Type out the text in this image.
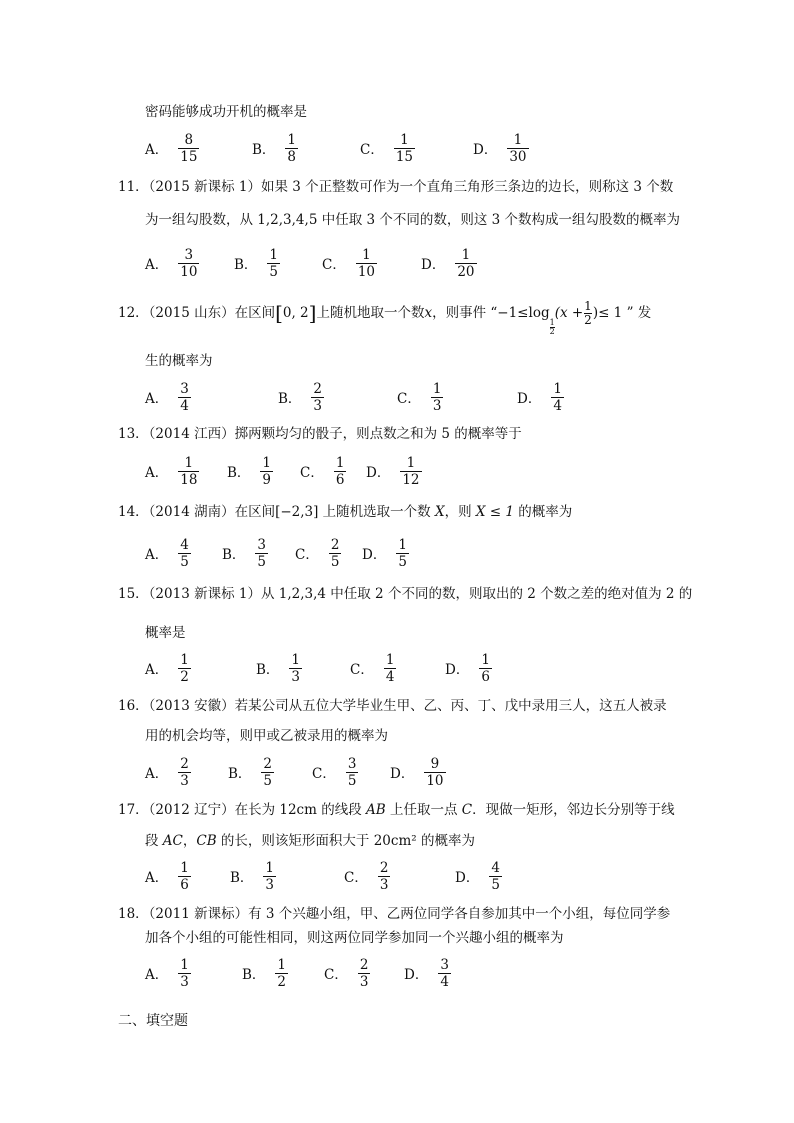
密码能够成功开机的概率是
A． $\frac{8}{15}$	B． $\frac{1}{8}$	C． $\frac{1}{15}$	D． $\frac{1}{30}$
11．（2015 新课标 1）如果 3 个正整数可作为一个直角三角形三条边的边长，则称这 3 个数
为一组勾股数，从 1,2,3,4,5 中任取 3 个不同的数，则这 3 个数构成一组勾股数的概率为
A． $\frac{3}{10}$	B． $\frac{1}{5}$	C． $\frac{1}{10}$	D． $\frac{1}{20}$
12．（2015 山东）在区间[0, 2]上随机地取一个数x，则事件 “−1≤log
$\frac{1}{2}$
($x + \frac{1}{2}$ )≤ 1 ” 发
生的概率为
A． $\frac{3}{4}$	B． $\frac{2}{3}$	C． $\frac{1}{3}$	D． $\frac{1}{4}$
13．（2014 江西）掷两颗均匀的骰子，则点数之和为 5 的概率等于
A． $\frac{1}{18}$ B． $\frac{1}{9}$ C． $\frac{1}{6}$ D． $\frac{1}{12}$
14．（2014 湖南）在区间[−2,3] 上随机选取一个数 X，则 X ≤ 1 的概率为
A． $\frac{4}{5}$ B． $\frac{3}{5}$ C． $\frac{2}{5}$ D． $\frac{1}{5}$
15．（2013 新课标 1）从 1,2,3,4 中任取 2 个不同的数，则取出的 2 个数之差的绝对值为 2 的
概率是
A． $\frac{1}{2}$	B． $\frac{1}{3}$	C． $\frac{1}{4}$	D． $\frac{1}{6}$
16．（2013 安徽）若某公司从五位大学毕业生甲、乙、丙、丁、戊中录用三人，这五人被录
用的机会均等，则甲或乙被录用的概率为
A． $\frac{2}{3}$	B． $\frac{2}{5}$	C． $\frac{3}{5}$ D． $\frac{9}{10}$
17．（2012 辽宁）在长为 12cm 的线段 AB 上任取一点 C．现做一矩形，邻边长分别等于线
段 AC，CB 的长，则该矩形面积大于 20cm² 的概率为
A． $\frac{1}{6}$	B． $\frac{1}{3}$	C． $\frac{2}{3}$	D． $\frac{4}{5}$
18．（2011 新课标）有 3 个兴趣小组，甲、乙两位同学各自参加其中一个小组，每位同学参
加各个小组的可能性相同，则这两位同学参加同一个兴趣小组的概率为
A． $\frac{1}{3}$	B． $\frac{1}{2}$	C． $\frac{2}{3}$ D． $\frac{3}{4}$
二、填空题
